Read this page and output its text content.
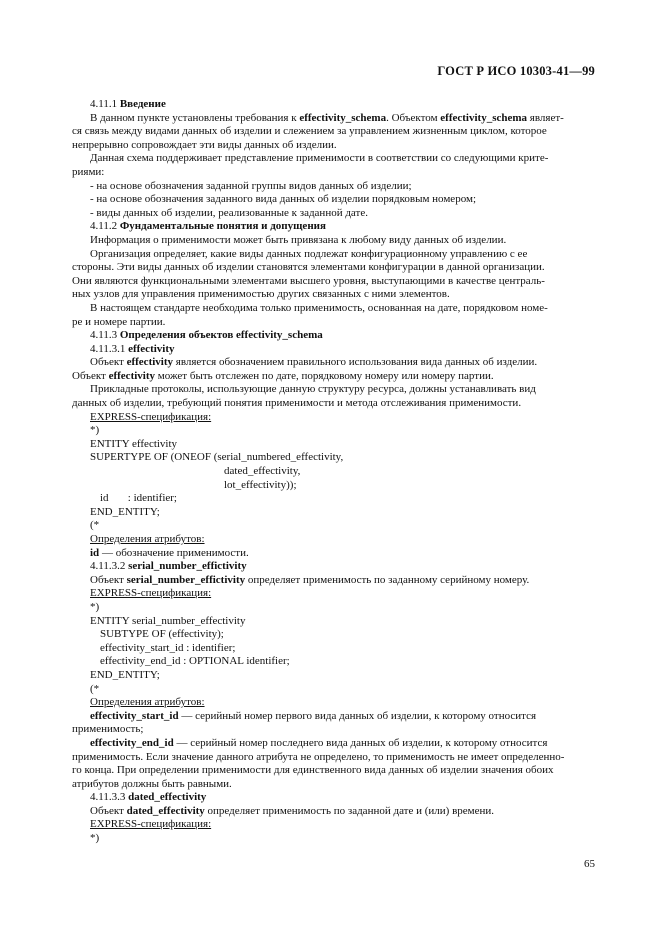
ГОСТ Р ИСО 10303-41—99
4.11.1 Введение
В данном пункте установлены требования к effectivity_schema. Объектом effectivity_schema являет-
ся связь между видами данных об изделии и слежением за управлением жизненным циклом, которое
непрерывно сопровождает эти виды данных об изделии.
Данная схема поддерживает представление применимости в соответствии со следующими крите-
риями:
- на основе обозначения заданной группы видов данных об изделии;
- на основе обозначения заданного вида данных об изделии порядковым номером;
- виды данных об изделии, реализованные к заданной дате.
4.11.2 Фундаментальные понятия и допущения
Информация о применимости может быть привязана к любому виду данных об изделии.
Организация определяет, какие виды данных подлежат конфигурационному управлению с ее
стороны. Эти виды данных об изделии становятся элементами конфигурации в данной организации.
Они являются функциональными элементами высшего уровня, выступающими в качестве централь-
ных узлов для управления применимостью других связанных с ними элементов.
В настоящем стандарте необходима только применимость, основанная на дате, порядковом номе-
ре и номере партии.
4.11.3 Определения объектов effectivity_schema
4.11.3.1 effectivity
Объект effectivity является обозначением правильного использования вида данных об изделии.
Объект effectivity может быть отслежен по дате, порядковому номеру или номеру партии.
Прикладные протоколы, использующие данную структуру ресурса, должны устанавливать вид
данных об изделии, требующий понятия применимости и метода отслеживания применимости.
EXPRESS-спецификация:
*)
ENTITY effectivity
SUPERTYPE OF (ONEOF (serial_numbered_effectivity,
dated_effectivity,
lot_effectivity));
id       : identifier;
END_ENTITY;
(*
Определения атрибутов:
id — обозначение применимости.
4.11.3.2 serial_number_effictivity
Объект serial_number_effictivity определяет применимость по заданному серийному номеру.
EXPRESS-спецификация:
*)
ENTITY serial_number_effectivity
SUBTYPE OF (effectivity);
effectivity_start_id : identifier;
effectivity_end_id : OPTIONAL identifier;
END_ENTITY;
(*
Определения атрибутов:
effectivity_start_id — серийный номер первого вида данных об изделии, к которому относится
применимость;
effectivity_end_id — серийный номер последнего вида данных об изделии, к которому относится
применимость. Если значение данного атрибута не определено, то применимость не имеет определенно-
го конца. При определении применимости для единственного вида данных об изделии значения обоих
атрибутов должны быть равными.
4.11.3.3 dated_effectivity
Объект dated_effectivity определяет применимость по заданной дате и (или) времени.
EXPRESS-спецификация:
*)
65
